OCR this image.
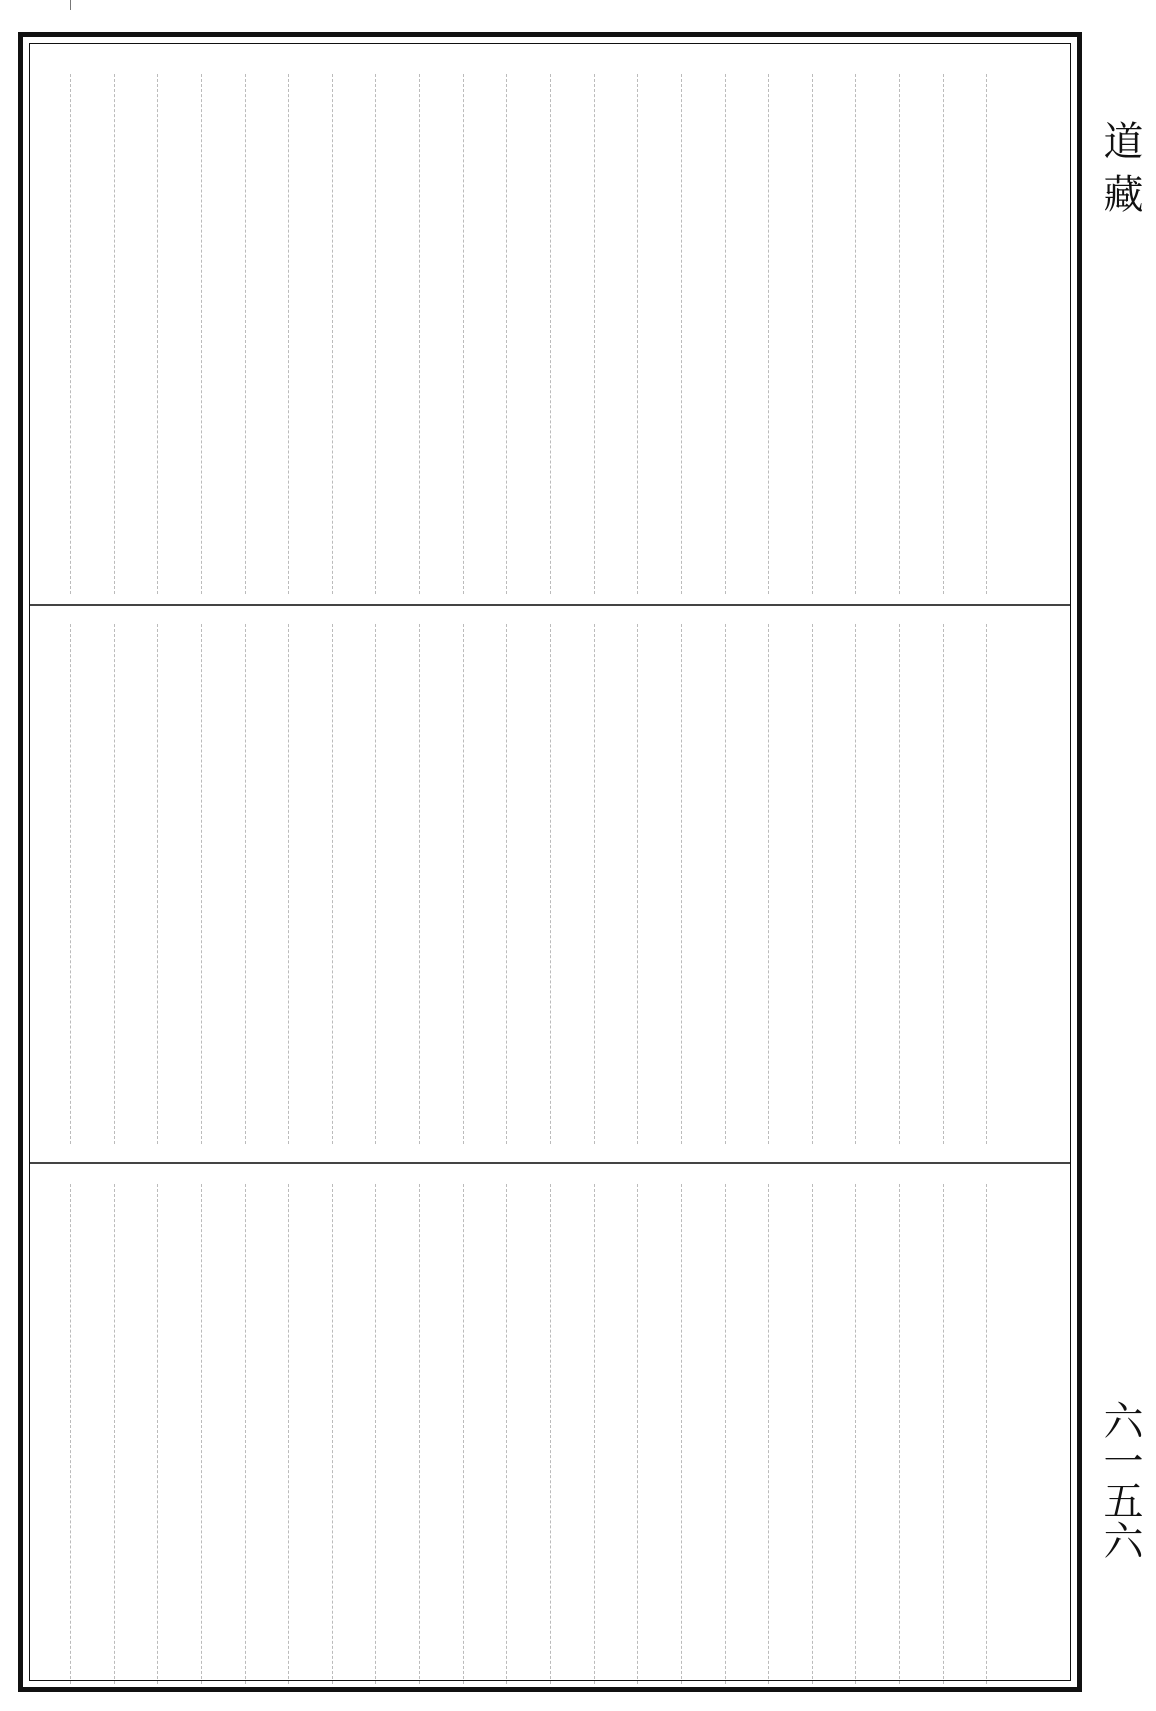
道 藏
六一五六
